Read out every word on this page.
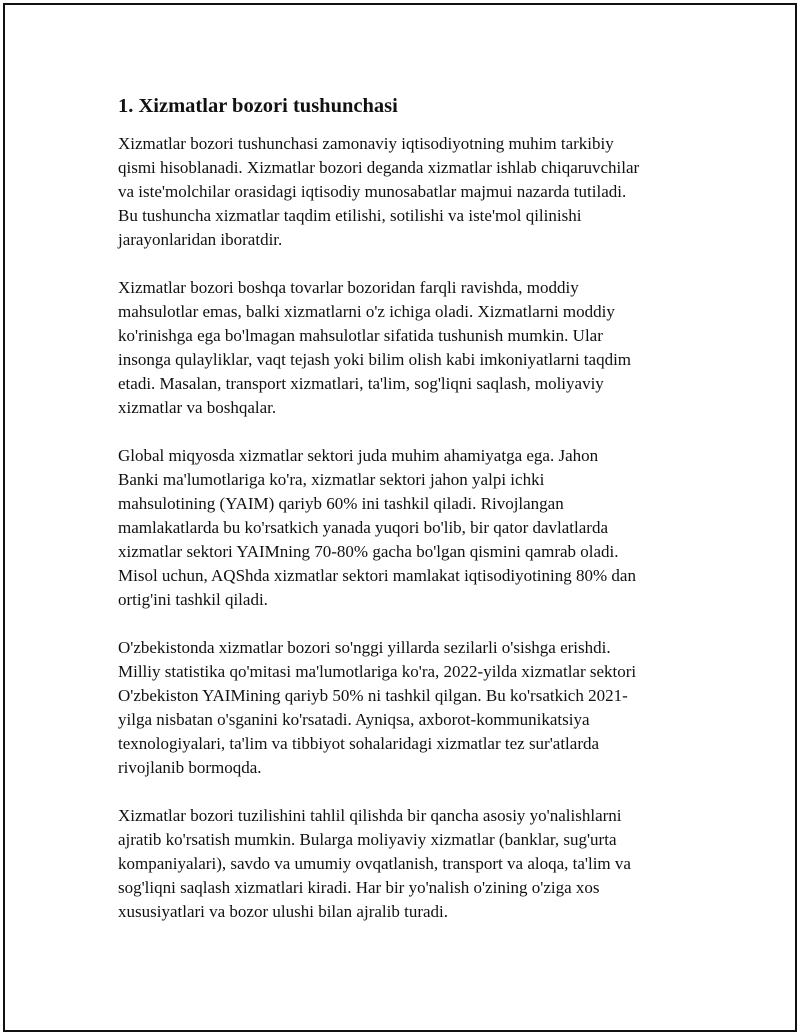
1. Xizmatlar bozori tushunchasi

Xizmatlar bozori tushunchasi zamonaviy iqtisodiyotning muhim tarkibiy
qismi hisoblanadi. Xizmatlar bozori deganda xizmatlar ishlab chiqaruvchilar
va iste'molchilar orasidagi iqtisodiy munosabatlar majmui nazarda tutiladi.
Bu tushuncha xizmatlar taqdim etilishi, sotilishi va iste'mol qilinishi
jarayonlaridan iboratdir.

Xizmatlar bozori boshqa tovarlar bozoridan farqli ravishda, moddiy
mahsulotlar emas, balki xizmatlarni o'z ichiga oladi. Xizmatlarni moddiy
ko'rinishga ega bo'lmagan mahsulotlar sifatida tushunish mumkin. Ular
insonga qulayliklar, vaqt tejash yoki bilim olish kabi imkoniyatlarni taqdim
etadi. Masalan, transport xizmatlari, ta'lim, sog'liqni saqlash, moliyaviy
xizmatlar va boshqalar.

Global miqyosda xizmatlar sektori juda muhim ahamiyatga ega. Jahon
Banki ma'lumotlariga ko'ra, xizmatlar sektori jahon yalpi ichki
mahsulotining (YAIM) qariyb 60% ini tashkil qiladi. Rivojlangan
mamlakatlarda bu ko'rsatkich yanada yuqori bo'lib, bir qator davlatlarda
xizmatlar sektori YAIMning 70-80% gacha bo'lgan qismini qamrab oladi.
Misol uchun, AQShda xizmatlar sektori mamlakat iqtisodiyotining 80% dan
ortig'ini tashkil qiladi.

O'zbekistonda xizmatlar bozori so'nggi yillarda sezilarli o'sishga erishdi.
Milliy statistika qo'mitasi ma'lumotlariga ko'ra, 2022-yilda xizmatlar sektori
O'zbekiston YAIMining qariyb 50% ni tashkil qilgan. Bu ko'rsatkich 2021-
yilga nisbatan o'sganini ko'rsatadi. Ayniqsa, axborot-kommunikatsiya
texnologiyalari, ta'lim va tibbiyot sohalaridagi xizmatlar tez sur'atlarda
rivojlanib bormoqda.

Xizmatlar bozori tuzilishini tahlil qilishda bir qancha asosiy yo'nalishlarni
ajratib ko'rsatish mumkin. Bularga moliyaviy xizmatlar (banklar, sug'urta
kompaniyalari), savdo va umumiy ovqatlanish, transport va aloqa, ta'lim va
sog'liqni saqlash xizmatlari kiradi. Har bir yo'nalish o'zining o'ziga xos
xususiyatlari va bozor ulushi bilan ajralib turadi.
